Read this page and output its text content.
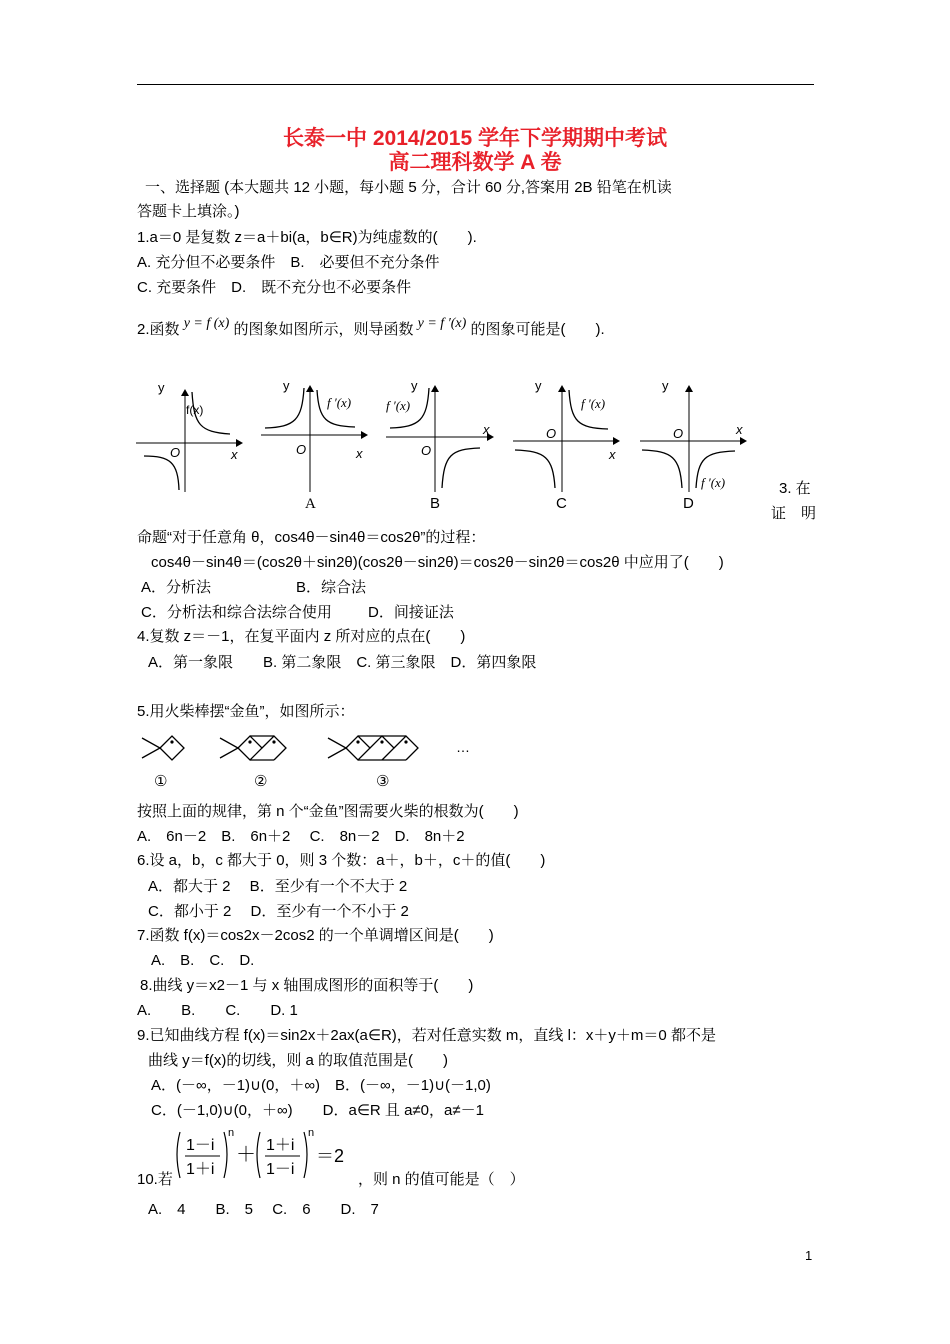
长泰一中 2014/2015 学年下学期期中考试
高二理科数学 A 卷
一、选择题 (本大题共 12 小题，每小题 5 分，合计 60 分,答案用 2B 铅笔在机读
答题卡上填涂。)
1.a＝0 是复数 z＝a＋bi(a，b∈R)为纯虚数的(　　).
A. 充分但不必要条件　B.　必要但不充分条件
C. 充要条件　D.　既不充分也不必要条件
2.函数 y = f (x) 的图象如图所示，则导函数 y = f ′(x) 的图象可能是(　　).
y
x
O
f(x)
y
x
O
f ′(x)
y
x
O
f ′(x)
y
x
O
f ′(x)
y
x
O
f ′(x)
A	B	C	D
3. 在
证　明
命题“对于任意角 θ，cos4θ－sin4θ＝cos2θ”的过程：
cos4θ－sin4θ＝(cos2θ＋sin2θ)(cos2θ－sin2θ)＝cos2θ－sin2θ＝cos2θ 中应用了(　　)
A．分析法	B．综合法
C．分析法和综合法综合使用 D．间接证法
4.复数 z＝－1，在复平面内 z 所对应的点在(　　)
A．第一象限　　B. 第二象限　C. 第三象限　D．第四象限
5.用火柴棒摆“金鱼”，如图所示：
…
①	②	③
按照上面的规律，第 n 个“金鱼”图需要火柴的根数为(　　)
A.　6n－2　B.　6n＋2　 C.　8n－2　D.　8n＋2
6.设 a，b，c 都大于 0，则 3 个数：a＋，b＋，c＋的值(　　)
A．都大于 2　 B．至少有一个不大于 2
C．都小于 2　 D．至少有一个不小于 2
7.函数 f(x)＝cos2x－2cos2 的一个单调增区间是(　　)
A.　B.　C.　D.
8.曲线 y＝x2－1 与 x 轴围成图形的面积等于(　　)
A.　　B.　　C.　　D. 1
9.已知曲线方程 f(x)＝sin2x＋2ax(a∈R)，若对任意实数 m，直线 l：x＋y＋m＝0 都不是
曲线 y＝f(x)的切线，则 a 的取值范围是(　　)
A．(－∞，－1)∪(0，＋∞)　B．(－∞，－1)∪(－1,0)
C．(－1,0)∪(0，＋∞)　　D．a∈R 且 a≠0，a≠－1
10.若
1－i
1＋i
n
＋ 1＋i
1－i
n
＝2
，则 n 的值可能是（　）
A.　4　　B.　5　 C.　6　　D.　7
1
